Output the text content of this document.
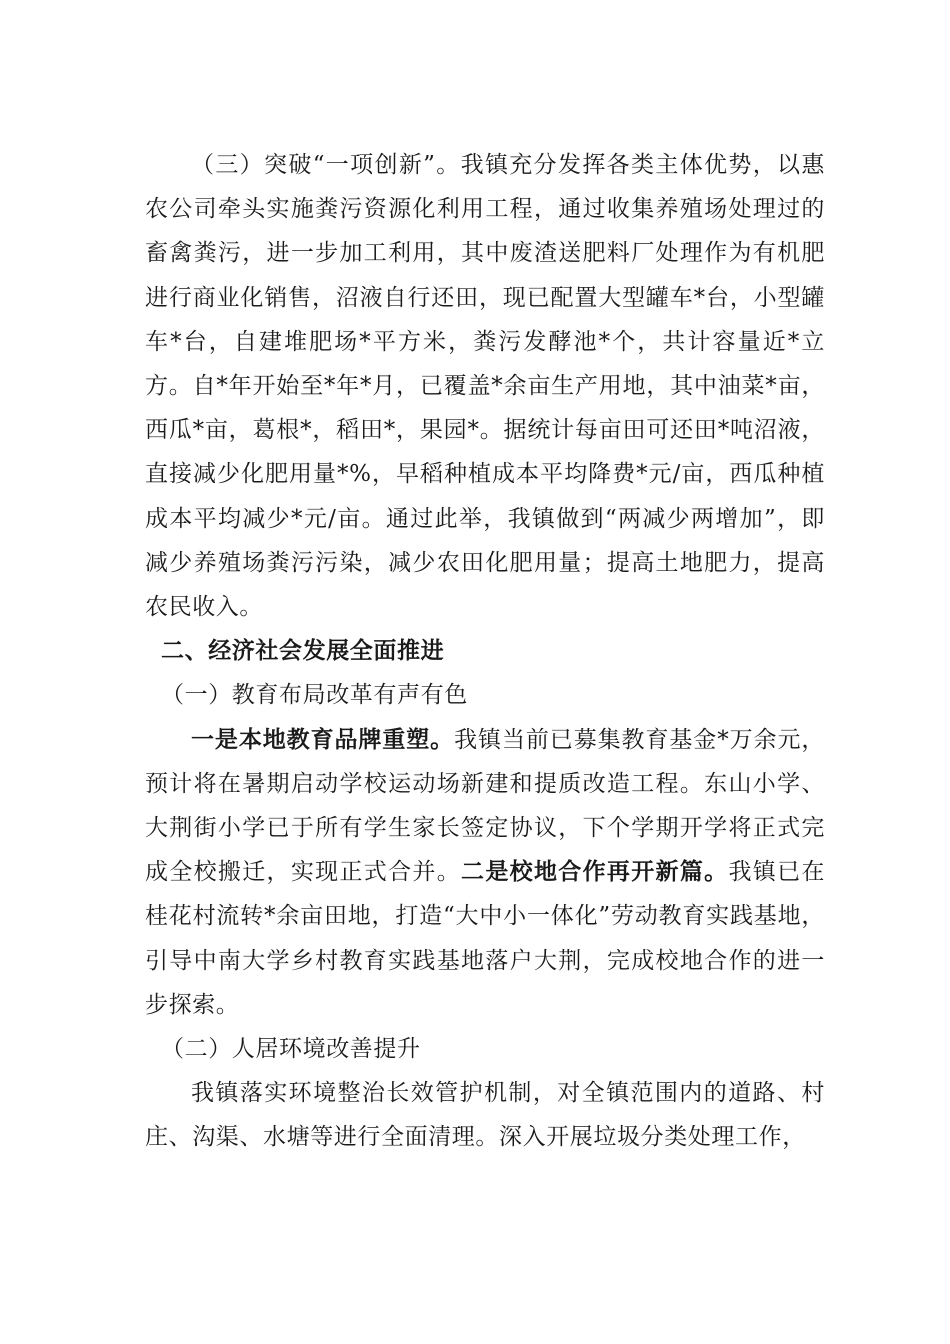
（三）突破“一项创新”。我镇充分发挥各类主体优势，以惠农公司牵头实施粪污资源化利用工程，通过收集养殖场处理过的畜禽粪污，进一步加工利用，其中废渣送肥料厂处理作为有机肥进行商业化销售，沼液自行还田，现已配置大型罐车*台，小型罐车*台，自建堆肥场*平方米，粪污发酵池*个，共计容量近*立方。自*年开始至*年*月，已覆盖*余亩生产用地，其中油菜*亩，西瓜*亩，葛根*，稻田*，果园*。据统计每亩田可还田*吨沼液，直接减少化肥用量*%，早稻种植成本平均降费*元/亩，西瓜种植成本平均减少*元/亩。通过此举，我镇做到“两减少两增加”，即减少养殖场粪污污染，减少农田化肥用量；提高土地肥力，提高农民收入。

二、经济社会发展全面推进

（一）教育布局改革有声有色

一是本地教育品牌重塑。我镇当前已募集教育基金*万余元，预计将在暑期启动学校运动场新建和提质改造工程。东山小学、大荆街小学已于所有学生家长签定协议，下个学期开学将正式完成全校搬迁，实现正式合并。二是校地合作再开新篇。我镇已在桂花村流转*余亩田地，打造“大中小一体化”劳动教育实践基地，引导中南大学乡村教育实践基地落户大荆，完成校地合作的进一步探索。

（二）人居环境改善提升

我镇落实环境整治长效管护机制，对全镇范围内的道路、村庄、沟渠、水塘等进行全面清理。深入开展垃圾分类处理工作，
